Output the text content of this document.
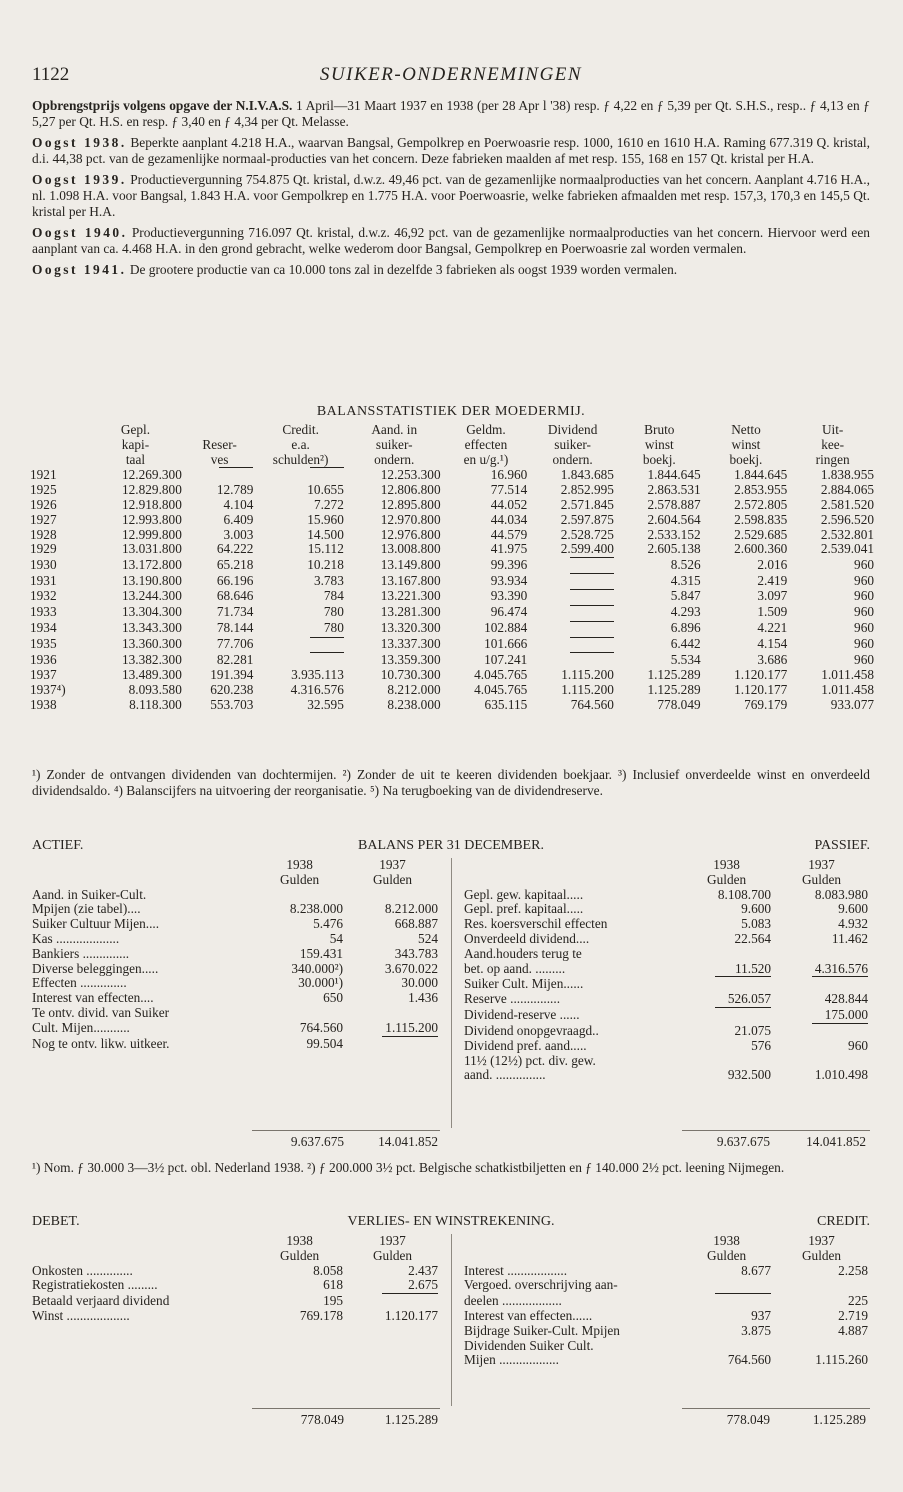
1122	SUIKER-ONDERNEMINGEN

Opbrengstprijs volgens opgave der N.I.V.A.S. 1 April—31 Maart 1937 en 1938 (per 28 Apr l '38) resp. ƒ 4,22 en ƒ 5,39 per Qt. S.H.S., resp.. ƒ 4,13 en ƒ 5,27 per Qt. H.S. en resp. ƒ 3,40 en ƒ 4,34 per Qt. Melasse.

Oogst 1938. Beperkte aanplant 4.218 H.A., waarvan Bangsal, Gempolkrep en Poerwoasrie resp. 1000, 1610 en 1610 H.A. Raming 677.319 Q. kristal, d.i. 44,38 pct. van de gezamenlijke normaal-producties van het concern. Deze fabrieken maalden af met resp. 155, 168 en 157 Qt. kristal per H.A.

Oogst 1939. Productievergunning 754.875 Qt. kristal, d.w.z. 49,46 pct. van de gezamenlijke normaalproducties van het concern. Aanplant 4.716 H.A., nl. 1.098 H.A. voor Bangsal, 1.843 H.A. voor Gempolkrep en 1.775 H.A. voor Poerwoasrie, welke fabrieken afmaalden met resp. 157,3, 170,3 en 145,5 Qt. kristal per H.A.

Oogst 1940. Productievergunning 716.097 Qt. kristal, d.w.z. 46,92 pct. van de gezamenlijke normaalproducties van het concern. Hiervoor werd een aanplant van ca. 4.468 H.A. in den grond gebracht, welke wederom door Bangsal, Gempolkrep en Poerwoasrie zal worden vermalen.

Oogst 1941. De grootere productie van ca 10.000 tons zal in dezelfde 3 fabrieken als oogst 1939 worden vermalen.

BALANSSTATISTIEK DER MOEDERMIJ.
	Gepl.		Credit.	Aand. in	Geldm.	Dividend	Bruto	Netto	Uit-
	kapi-	Reser-	e.a.	suiker-	effecten	suiker-	winst	winst	kee-
	taal	ves	schulden²)	ondern.	en u/g.¹)	ondern.	boekj.	boekj.	ringen
1921	12.269.300			12.253.300	16.960	1.843.685	1.844.645	1.844.645	1.838.955
1925	12.829.800	12.789	10.655	12.806.800	77.514	2.852.995	2.863.531	2.853.955	2.884.065
1926	12.918.800	4.104	7.272	12.895.800	44.052	2.571.845	2.578.887	2.572.805	2.581.520
1927	12.993.800	6.409	15.960	12.970.800	44.034	2.597.875	2.604.564	2.598.835	2.596.520
1928	12.999.800	3.003	14.500	12.976.800	44.579	2.528.725	2.533.152	2.529.685	2.532.801
1929	13.031.800	64.222	15.112	13.008.800	41.975	2.599.400	2.605.138	2.600.360	2.539.041
1930	13.172.800	65.218	10.218	13.149.800	99.396		8.526	2.016	960
1931	13.190.800	66.196	3.783	13.167.800	93.934		4.315	2.419	960
1932	13.244.300	68.646	784	13.221.300	93.390		5.847	3.097	960
1933	13.304.300	71.734	780	13.281.300	96.474		4.293	1.509	960
1934	13.343.300	78.144	780	13.320.300	102.884		6.896	4.221	960
1935	13.360.300	77.706		13.337.300	101.666		6.442	4.154	960
1936	13.382.300	82.281		13.359.300	107.241		5.534	3.686	960
1937	13.489.300	191.394	3.935.113	10.730.300	4.045.765	1.115.200	1.125.289	1.120.177	1.011.458
1937⁴)	8.093.580	620.238	4.316.576	8.212.000	4.045.765	1.115.200	1.125.289	1.120.177	1.011.458
1938	8.118.300	553.703	32.595	8.238.000	635.115	764.560	778.049	769.179	933.077
¹) Zonder de ontvangen dividenden van dochtermijen. ²) Zonder de uit te keeren dividenden boekjaar. ³) Inclusief onverdeelde winst en onverdeeld dividendsaldo. ⁴) Balanscijfers na uitvoering der reorganisatie. ⁵) Na terugboeking van de dividendreserve.
ACTIEF.	BALANS PER 31 DECEMBER.	PASSIEF.
	1938	1937
	Gulden	Gulden
Aand. in Suiker-Cult.		
Mpijen (zie tabel)....	8.238.000	8.212.000
Suiker Cultuur Mijen....	5.476	668.887
Kas ...................	54	524
Bankiers ..............	159.431	343.783
Diverse beleggingen.....	340.000²)	3.670.022
Effecten ..............	30.000¹)	30.000
Interest van effecten....	650	1.436
Te ontv. divid. van Suiker		
Cult. Mijen...........	764.560	1.115.200
Nog te ontv. likw. uitkeer.	99.504	
	1938	1937
	Gulden	Gulden
Gepl. gew. kapitaal.....	8.108.700	8.083.980
Gepl. pref. kapitaal.....	9.600	9.600
Res. koersverschil effecten	5.083	4.932
Onverdeeld dividend....	22.564	11.462
Aand.houders terug te		
bet. op aand. .........	11.520	4.316.576
Suiker Cult. Mijen......		
Reserve ...............	526.057	428.844
Dividend-reserve ......		175.000
Dividend onopgevraagd..	21.075	
Dividend pref. aand.....	576	960
11½ (12½) pct. div. gew.		
aand. ...............	932.500	1.010.498
9.637.675	14.041.852	9.637.675	14.041.852
¹) Nom. ƒ 30.000 3—3½ pct. obl. Nederland 1938. ²) ƒ 200.000 3½ pct. Belgische schatkistbiljetten en ƒ 140.000 2½ pct. leening Nijmegen.
DEBET.	VERLIES- EN WINSTREKENING.	CREDIT.
	1938	1937
	Gulden	Gulden
Onkosten ..............	8.058	2.437
Registratiekosten .........	618	2.675
Betaald verjaard dividend	195	
Winst ...................	769.178	1.120.177
	1938	1937
	Gulden	Gulden
Interest ..................	8.677	2.258
Vergoed. overschrijving aan-		
deelen ..................		225
Interest van effecten......	937	2.719
Bijdrage Suiker-Cult. Mpijen	3.875	4.887
Dividenden Suiker Cult.		
Mijen ..................	764.560	1.115.260
778.049	1.125.289	778.049	1.125.289
